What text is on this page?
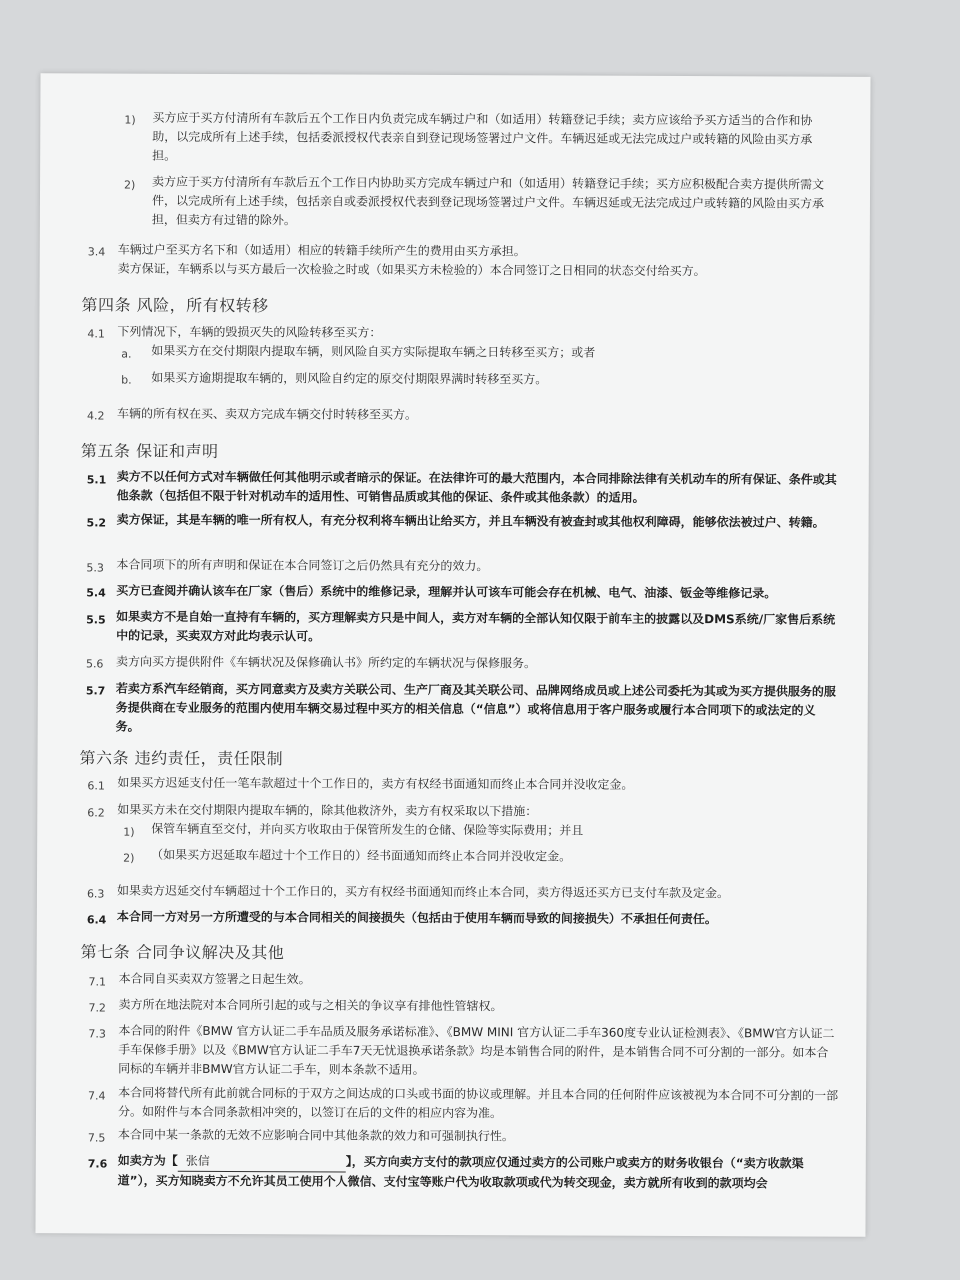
1) 买方应于买方付清所有车款后五个工作日内负责完成车辆过户和（如适用）转籍登记手续；卖方应该给予买方适当的合作和协助，以完成所有上述手续，包括委派授权代表亲自到登记现场签署过户文件。车辆迟延或无法完成过户或转籍的风险由买方承担。
2) 卖方应于买方付清所有车款后五个工作日内协助买方完成车辆过户和（如适用）转籍登记手续；买方应积极配合卖方提供所需文件，以完成所有上述手续，包括亲自或委派授权代表到登记现场签署过户文件。车辆迟延或无法完成过户或转籍的风险由买方承担，但卖方有过错的除外。
3.4 车辆过户至买方名下和（如适用）相应的转籍手续所产生的费用由买方承担。
卖方保证，车辆系以与买方最后一次检验之时或（如果买方未检验的）本合同签订之日相同的状态交付给买方。
第四条 风险，所有权转移
4.1 下列情况下，车辆的毁损灭失的风险转移至买方：
a. 如果买方在交付期限内提取车辆，则风险自买方实际提取车辆之日转移至买方；或者
b. 如果买方逾期提取车辆的，则风险自约定的原交付期限界满时转移至买方。
4.2 车辆的所有权在买、卖双方完成车辆交付时转移至买方。
第五条 保证和声明
5.1 卖方不以任何方式对车辆做任何其他明示或者暗示的保证。在法律许可的最大范围内，本合同排除法律有关机动车的所有保证、条件或其他条款（包括但不限于针对机动车的适用性、可销售品质或其他的保证、条件或其他条款）的适用。
5.2 卖方保证，其是车辆的唯一所有权人，有充分权利将车辆出让给买方，并且车辆没有被查封或其他权利障碍，能够依法被过户、转籍。
5.3 本合同项下的所有声明和保证在本合同签订之后仍然具有充分的效力。
5.4 买方已查阅并确认该车在厂家（售后）系统中的维修记录，理解并认可该车可能会存在机械、电气、油漆、钣金等维修记录。
5.5 如果卖方不是自始一直持有车辆的，买方理解卖方只是中间人，卖方对车辆的全部认知仅限于前车主的披露以及DMS系统/厂家售后系统中的记录，买卖双方对此均表示认可。
5.6 卖方向买方提供附件《车辆状况及保修确认书》所约定的车辆状况与保修服务。
5.7 若卖方系汽车经销商，买方同意卖方及卖方关联公司、生产厂商及其关联公司、品牌网络成员或上述公司委托为其或为买方提供服务的服务提供商在专业服务的范围内使用车辆交易过程中买方的相关信息（“信息”）或将信息用于客户服务或履行本合同项下的或法定的义务。
第六条 违约责任，责任限制
6.1 如果买方迟延支付任一笔车款超过十个工作日的，卖方有权经书面通知而终止本合同并没收定金。
6.2 如果买方未在交付期限内提取车辆的，除其他救济外，卖方有权采取以下措施：
1) 保管车辆直至交付，并向买方收取由于保管所发生的仓储、保险等实际费用；并且
2) （如果买方迟延取车超过十个工作日的）经书面通知而终止本合同并没收定金。
6.3 如果卖方迟延交付车辆超过十个工作日的，买方有权经书面通知而终止本合同，卖方得返还买方已支付车款及定金。
6.4 本合同一方对另一方所遭受的与本合同相关的间接损失（包括由于使用车辆而导致的间接损失）不承担任何责任。
第七条 合同争议解决及其他
7.1 本合同自买卖双方签署之日起生效。
7.2 卖方所在地法院对本合同所引起的或与之相关的争议享有排他性管辖权。
7.3 本合同的附件《BMW 官方认证二手车品质及服务承诺标准》、《BMW MINI 官方认证二手车360度专业认证检测表》、《BMW官方认证二手车保修手册》以及《BMW官方认证二手车7天无忧退换承诺条款》均是本销售合同的附件，是本销售合同不可分割的一部分。如本合同标的车辆并非BMW官方认证二手车，则本条款不适用。
7.4 本合同将替代所有此前就合同标的于双方之间达成的口头或书面的协议或理解。并且本合同的任何附件应该被视为本合同不可分割的一部分。如附件与本合同条款相冲突的，以签订在后的文件的相应内容为准。
7.5 本合同中某一条款的无效不应影响合同中其他条款的效力和可强制执行性。
7.6 如卖方为【 张信	】，买方向卖方支付的款项应仅通过卖方的公司账户或卖方的财务收银台（“卖方收款渠道”），买方知晓卖方不允许其员工使用个人微信、支付宝等账户代为收取款项或代为转交现金，卖方就所有收到的款项均会
